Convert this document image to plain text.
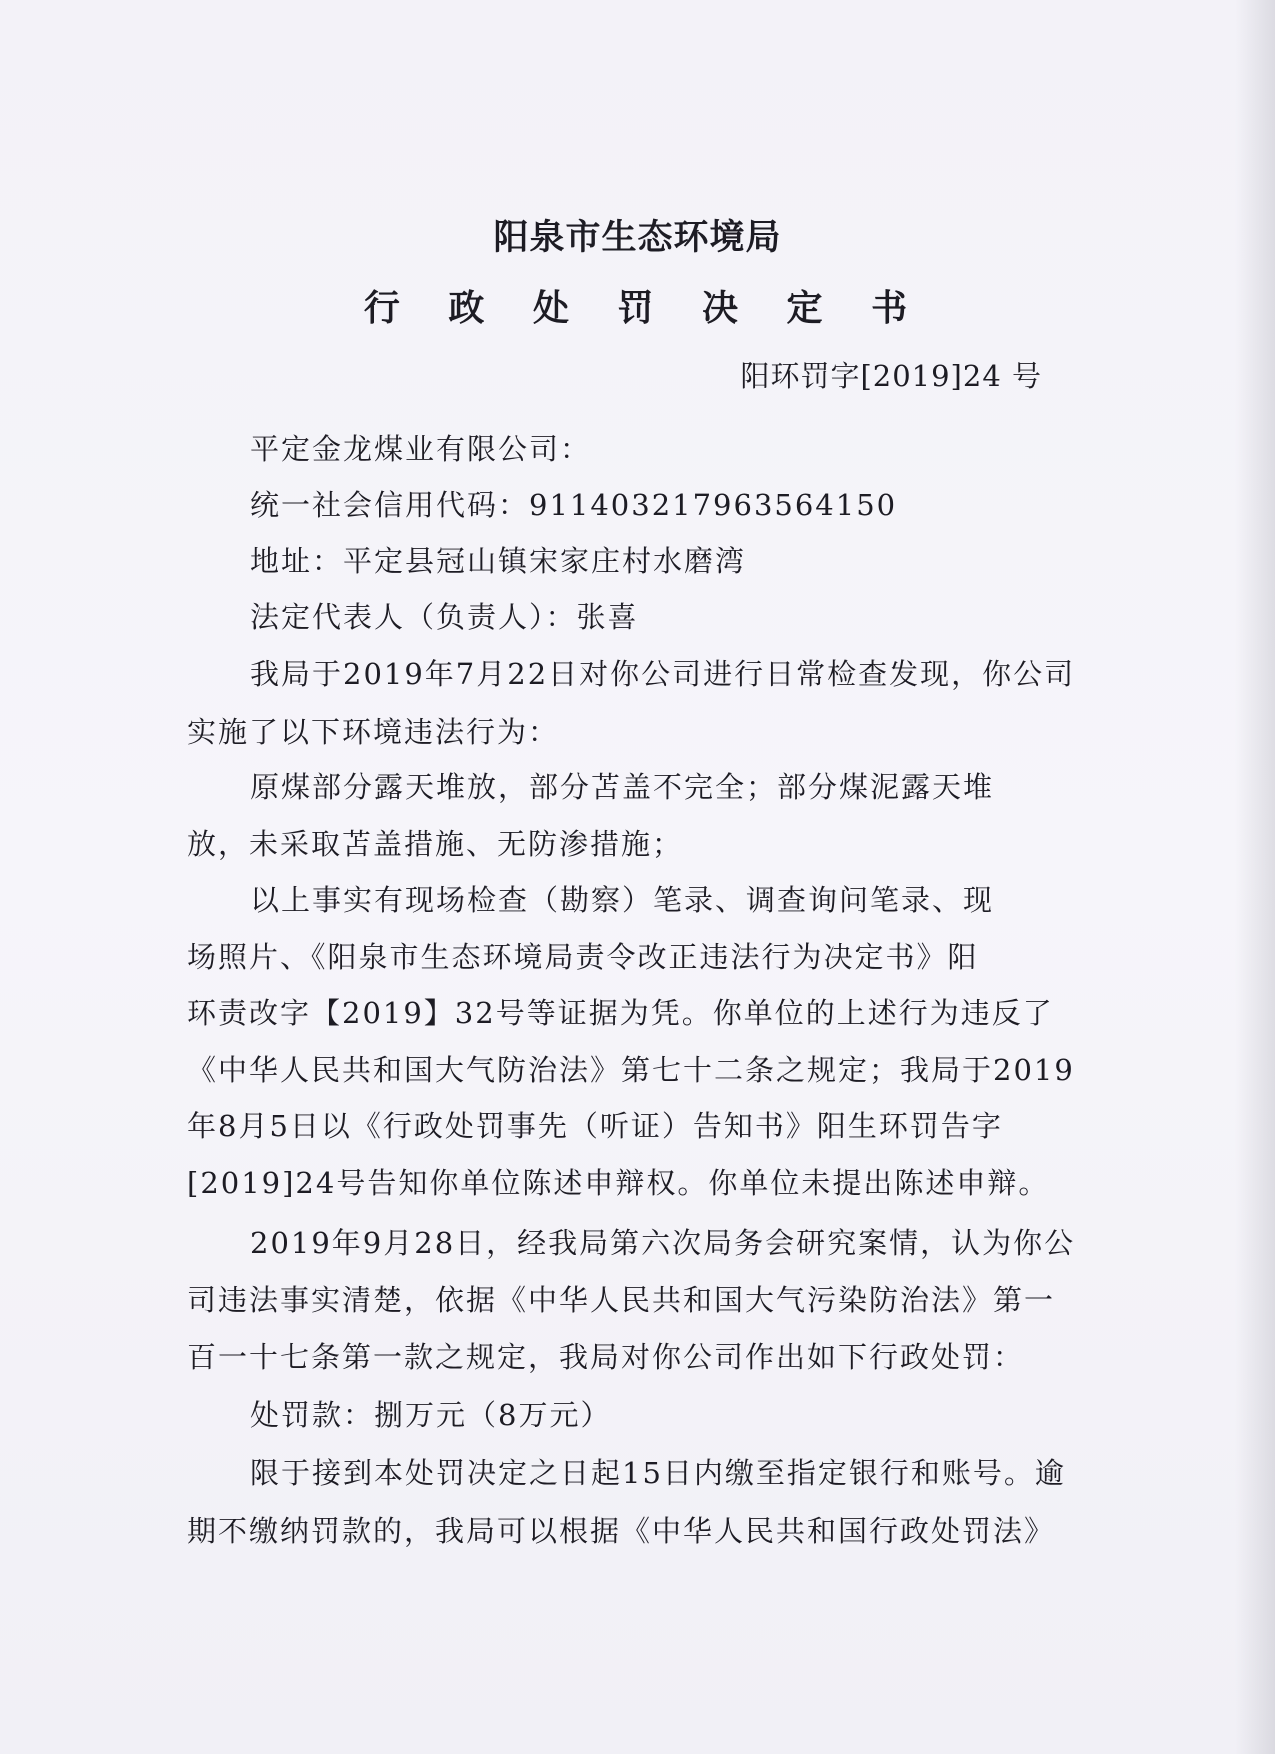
阳泉市生态环境局
行 政 处 罚 决 定 书
阳环罚字[2019]24 号
平定金龙煤业有限公司：
统一社会信用代码：911403217963564150
地址：平定县冠山镇宋家庄村水磨湾
法定代表人（负责人）：张喜
我局于2019年7月22日对你公司进行日常检查发现，你公司
实施了以下环境违法行为：
原煤部分露天堆放，部分苫盖不完全；部分煤泥露天堆
放，未采取苫盖措施、无防渗措施；
以上事实有现场检查（勘察）笔录、调查询问笔录、现
场照片、《阳泉市生态环境局责令改正违法行为决定书》阳
环责改字【2019】32号等证据为凭。你单位的上述行为违反了
《中华人民共和国大气防治法》第七十二条之规定；我局于2019
年8月5日以《行政处罚事先（听证）告知书》阳生环罚告字
[2019]24号告知你单位陈述申辩权。你单位未提出陈述申辩。
2019年9月28日，经我局第六次局务会研究案情，认为你公
司违法事实清楚，依据《中华人民共和国大气污染防治法》第一
百一十七条第一款之规定，我局对你公司作出如下行政处罚：
处罚款：捌万元（8万元）
限于接到本处罚决定之日起15日内缴至指定银行和账号。逾
期不缴纳罚款的，我局可以根据《中华人民共和国行政处罚法》
